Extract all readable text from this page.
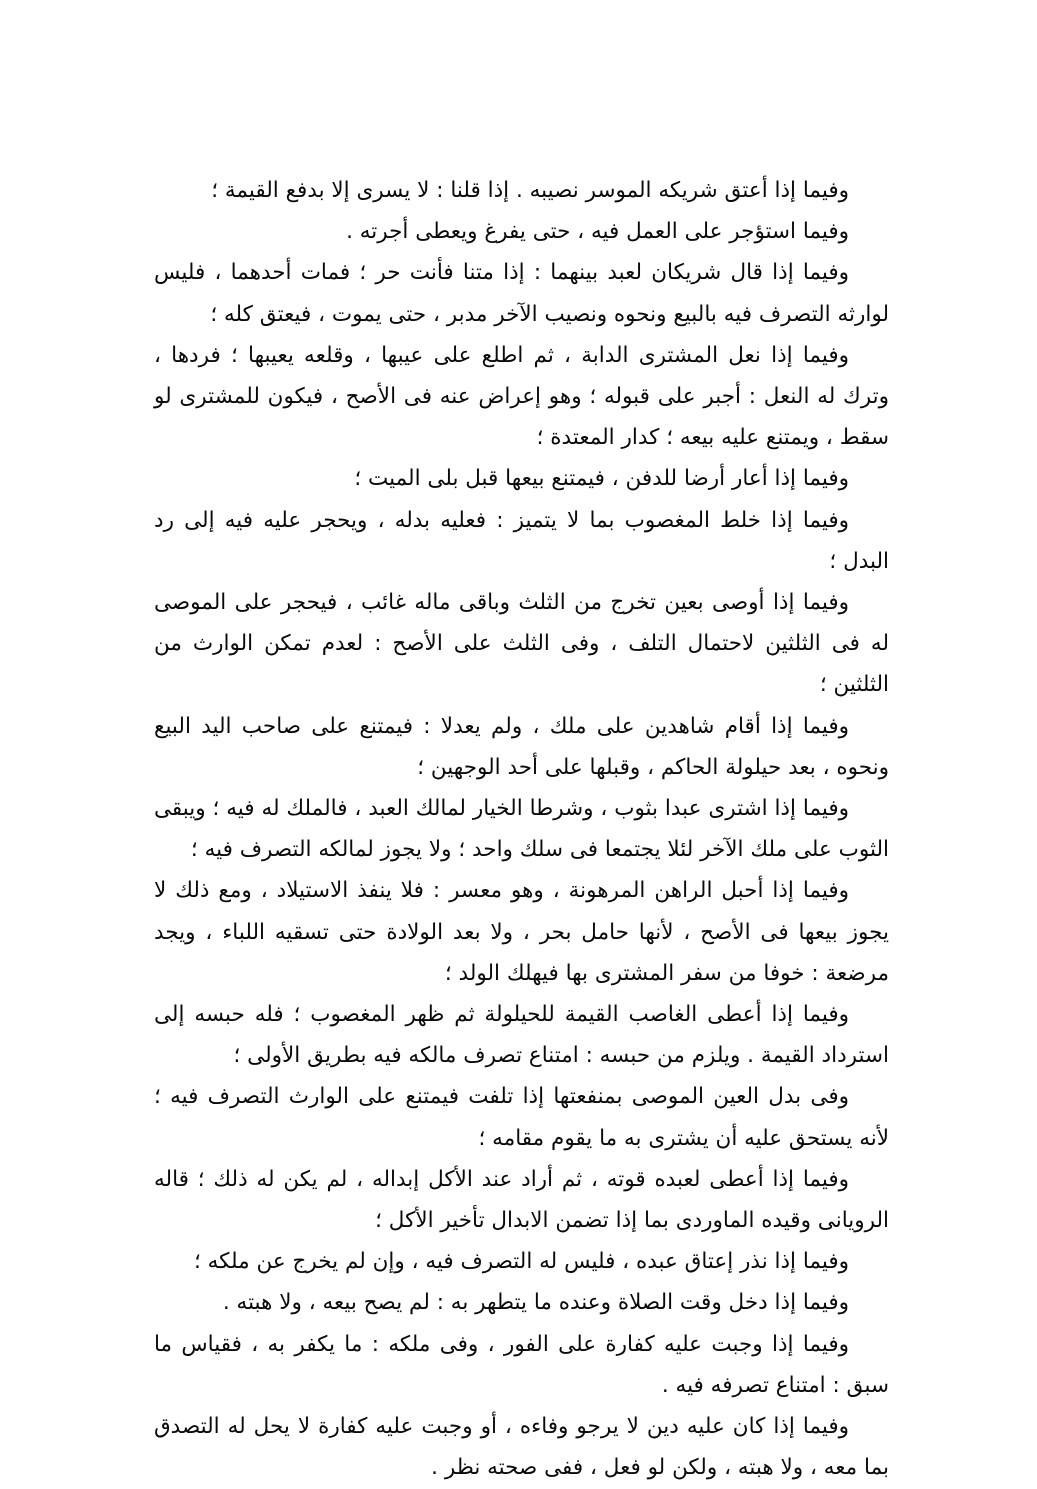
وفيما إذا أعتق شريكه الموسر نصيبه . إذا قلنا : لا يسرى إلا بدفع القيمة ؛

وفيما استؤجر على العمل فيه ، حتى يفرغ ويعطى أجرته .

وفيما إذا قال شريكان لعبد بينهما : إذا متنا فأنت حر ؛ فمات أحدهما ، فليس لوارثه التصرف فيه بالبيع ونحوه ونصيب الآخر مدبر ، حتى يموت ، فيعتق كله ؛

وفيما إذا نعل المشترى الدابة ، ثم اطلع على عيبها ، وقلعه يعيبها ؛ فردها ، وترك له النعل : أجبر على قبوله ؛ وهو إعراض عنه فى الأصح ، فيكون للمشترى لو سقط ، ويمتنع عليه بيعه ؛ كدار المعتدة ؛

وفيما إذا أعار أرضا للدفن ، فيمتنع بيعها قبل بلى الميت ؛

وفيما إذا خلط المغصوب بما لا يتميز : فعليه بدله ، ويحجر عليه فيه إلى رد البدل ؛

وفيما إذا أوصى بعين تخرج من الثلث وباقى ماله غائب ، فيحجر على الموصى له فى الثلثين لاحتمال التلف ، وفى الثلث على الأصح : لعدم تمكن الوارث من الثلثين ؛

وفيما إذا أقام شاهدين على ملك ، ولم يعدلا : فيمتنع على صاحب اليد البيع ونحوه ، بعد حيلولة الحاكم ، وقبلها على أحد الوجهين ؛

وفيما إذا اشترى عبدا بثوب ، وشرطا الخيار لمالك العبد ، فالملك له فيه ؛ ويبقى الثوب على ملك الآخر لئلا يجتمعا فى سلك واحد ؛ ولا يجوز لمالكه التصرف فيه ؛

وفيما إذا أحبل الراهن المرهونة ، وهو معسر : فلا ينفذ الاستيلاد ، ومع ذلك لا يجوز بيعها فى الأصح ، لأنها حامل بحر ، ولا بعد الولادة حتى تسقيه اللباء ، ويجد مرضعة : خوفا من سفر المشترى بها فيهلك الولد ؛

وفيما إذا أعطى الغاصب القيمة للحيلولة ثم ظهر المغصوب ؛ فله حبسه إلى استرداد القيمة . ويلزم من حبسه : امتناع تصرف مالكه فيه بطريق الأولى ؛

وفى بدل العين الموصى بمنفعتها إذا تلفت فيمتنع على الوارث التصرف فيه ؛ لأنه يستحق عليه أن يشترى به ما يقوم مقامه ؛

وفيما إذا أعطى لعبده قوته ، ثم أراد عند الأكل إبداله ، لم يكن له ذلك ؛ قاله الرويانى وقيده الماوردى بما إذا تضمن الابدال تأخير الأكل ؛

وفيما إذا نذر إعتاق عبده ، فليس له التصرف فيه ، وإن لم يخرج عن ملكه ؛

وفيما إذا دخل وقت الصلاة وعنده ما يتطهر به : لم يصح بيعه ، ولا هبته .

وفيما إذا وجبت عليه كفارة على الفور ، وفى ملكه : ما يكفر به ، فقياس ما سبق : امتناع تصرفه فيه .

وفيما إذا كان عليه دين لا يرجو وفاءه ، أو وجبت عليه كفارة لا يحل له التصدق بما معه ، ولا هبته ، ولكن لو فعل ، ففى صحته نظر .
